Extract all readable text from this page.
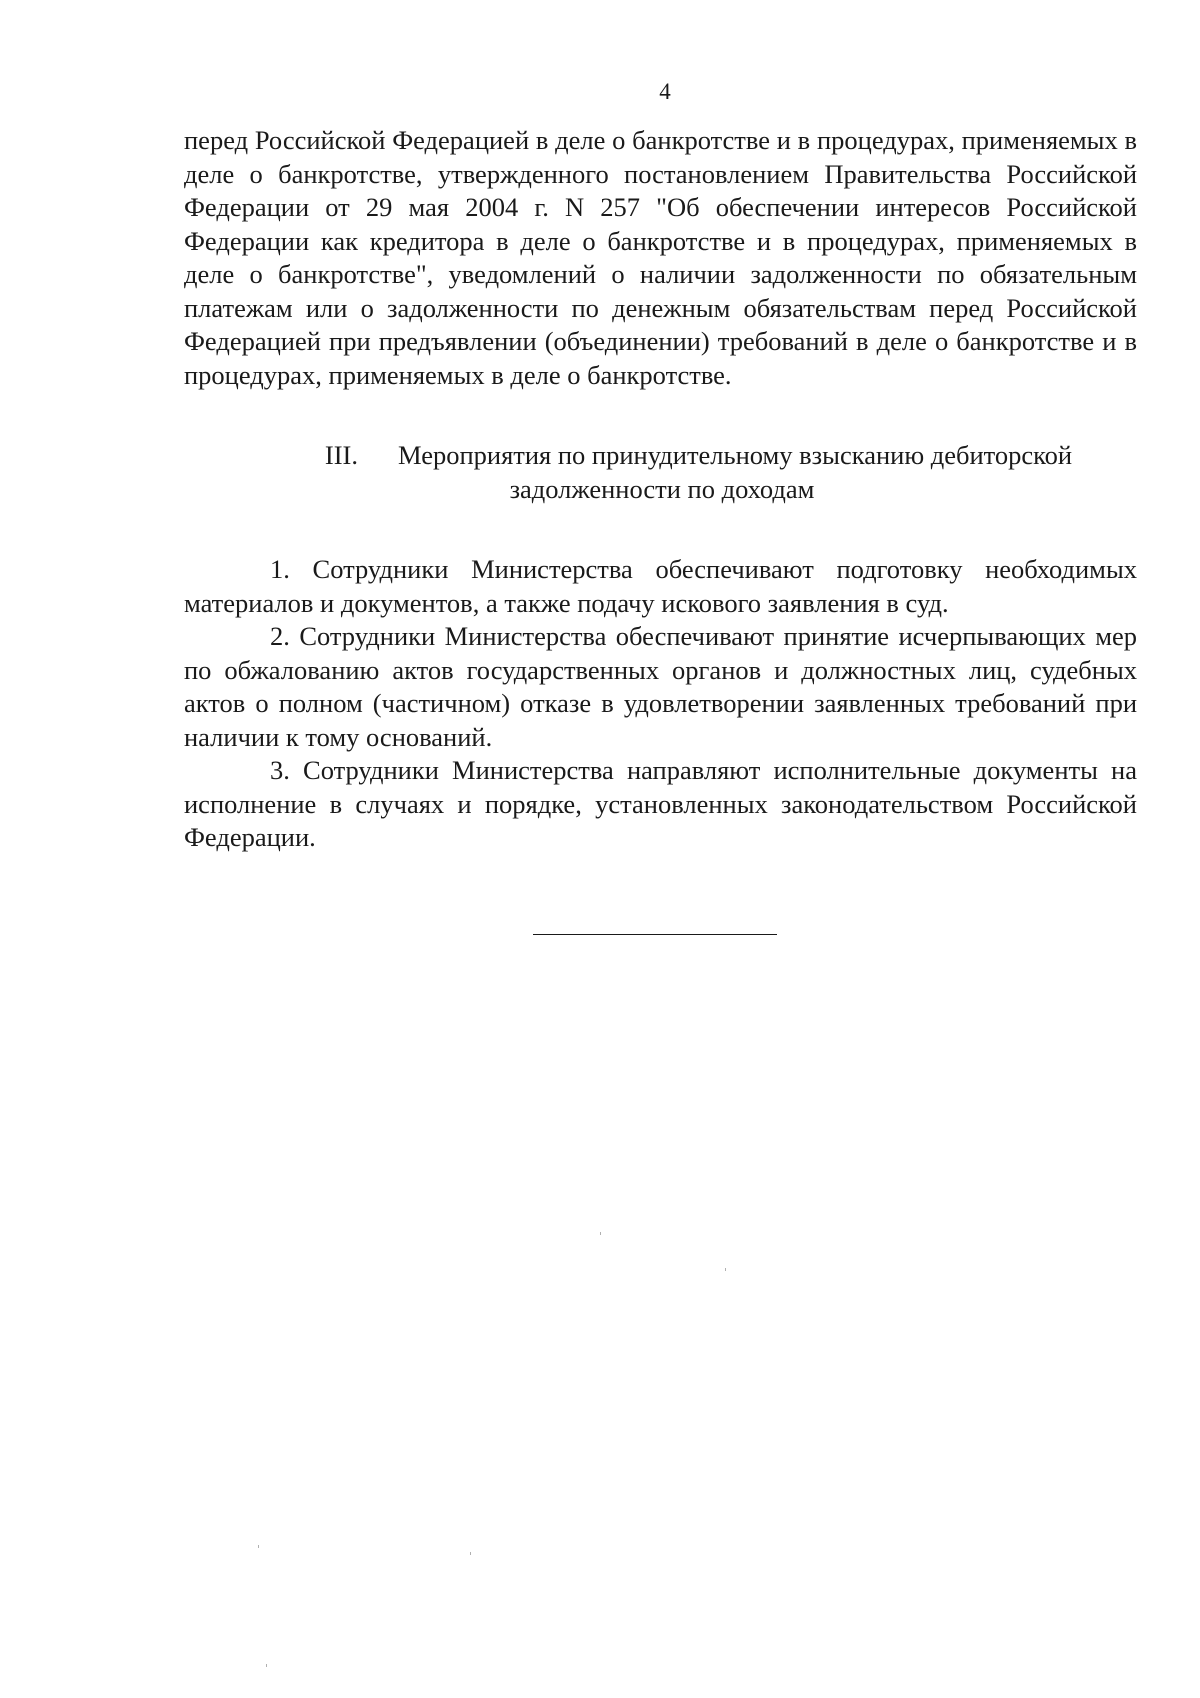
4

перед Российской Федерацией в деле о банкротстве и в процедурах, применяемых в деле о банкротстве, утвержденного постановлением Правительства Российской Федерации от 29 мая 2004 г. N 257 "Об обеспечении интересов Российской Федерации как кредитора в деле о банкротстве и в процедурах, применяемых в деле о банкротстве", уведомлений о наличии задолженности по обязательным платежам или о задолженности по денежным обязательствам перед Российской Федерацией при предъявлении (объединении) требований в деле о банкротстве и в процедурах, применяемых в деле о банкротстве.

III.	Мероприятия по принудительному взысканию дебиторской
задолженности по доходам

1. Сотрудники Министерства обеспечивают подготовку необходимых материалов и документов, а также подачу искового заявления в суд.

2. Сотрудники Министерства обеспечивают принятие исчерпывающих мер по обжалованию актов государственных органов и должностных лиц, судебных актов о полном (частичном) отказе в удовлетворении заявленных требований при наличии к тому оснований.

3. Сотрудники Министерства направляют исполнительные документы на исполнение в случаях и порядке, установленных законодательством Российской Федерации.
